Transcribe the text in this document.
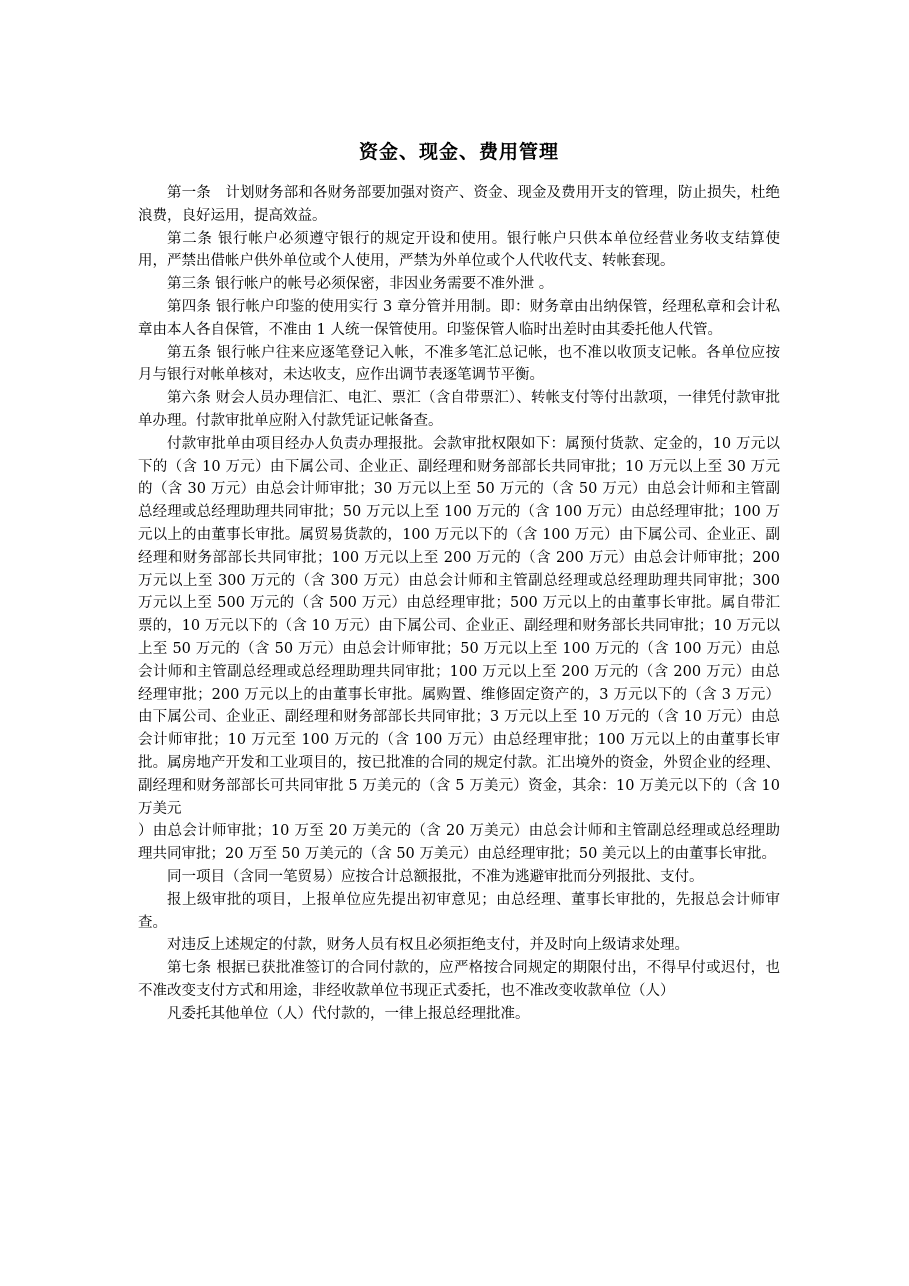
资金、现金、费用管理

第一条　计划财务部和各财务部要加强对资产、资金、现金及费用开支的管理，防止损失，杜绝浪费，良好运用，提高效益。

第二条 银行帐户必须遵守银行的规定开设和使用。银行帐户只供本单位经营业务收支结算使用，严禁出借帐户供外单位或个人使用，严禁为外单位或个人代收代支、转帐套现。

第三条 银行帐户的帐号必须保密，非因业务需要不准外泄 。

第四条 银行帐户印鉴的使用实行 3 章分管并用制。即：财务章由出纳保管，经理私章和会计私章由本人各自保管，不准由 1 人统一保管使用。印鉴保管人临时出差时由其委托他人代管。

第五条 银行帐户往来应逐笔登记入帐，不准多笔汇总记帐，也不准以收顶支记帐。各单位应按月与银行对帐单核对，未达收支，应作出调节表逐笔调节平衡。

第六条 财会人员办理信汇、电汇、票汇（含自带票汇）、转帐支付等付出款项，一律凭付款审批单办理。付款审批单应附入付款凭证记帐备查。

付款审批单由项目经办人负责办理报批。会款审批权限如下：属预付货款、定金的，10 万元以下的（含 10 万元）由下属公司、企业正、副经理和财务部部长共同审批；10 万元以上至 30 万元的（含 30 万元）由总会计师审批；30 万元以上至 50 万元的（含 50 万元）由总会计师和主管副总经理或总经理助理共同审批；50 万元以上至 100 万元的（含 100 万元）由总经理审批；100 万元以上的由董事长审批。属贸易货款的，100 万元以下的（含 100 万元）由下属公司、企业正、副经理和财务部部长共同审批；100 万元以上至 200 万元的（含 200 万元）由总会计师审批；200 万元以上至 300 万元的（含 300 万元）由总会计师和主管副总经理或总经理助理共同审批；300 万元以上至 500 万元的（含 500 万元）由总经理审批；500 万元以上的由董事长审批。属自带汇票的，10 万元以下的（含 10 万元）由下属公司、企业正、副经理和财务部长共同审批；10 万元以上至 50 万元的（含 50 万元）由总会计师审批；50 万元以上至 100 万元的（含 100 万元）由总会计师和主管副总经理或总经理助理共同审批；100 万元以上至 200 万元的（含 200 万元）由总经理审批；200 万元以上的由董事长审批。属购置、维修固定资产的，3 万元以下的（含 3 万元）由下属公司、企业正、副经理和财务部部长共同审批；3 万元以上至 10 万元的（含 10 万元）由总会计师审批；10 万元至 100 万元的（含 100 万元）由总经理审批；100 万元以上的由董事长审批。属房地产开发和工业项目的，按已批准的合同的规定付款。汇出境外的资金，外贸企业的经理、副经理和财务部部长可共同审批 5 万美元的（含 5 万美元）资金，其余：10 万美元以下的（含 10 万美元

）由总会计师审批；10 万至 20 万美元的（含 20 万美元）由总会计师和主管副总经理或总经理助理共同审批；20 万至 50 万美元的（含 50 万美元）由总经理审批；50 美元以上的由董事长审批。

同一项目（含同一笔贸易）应按合计总额报批，不准为逃避审批而分列报批、支付。

报上级审批的项目，上报单位应先提出初审意见；由总经理、董事长审批的，先报总会计师审查。

对违反上述规定的付款，财务人员有权且必须拒绝支付，并及时向上级请求处理。

第七条 根据已获批准签订的合同付款的，应严格按合同规定的期限付出，不得早付或迟付，也不准改变支付方式和用途，非经收款单位书现正式委托，也不准改变收款单位（人）

凡委托其他单位（人）代付款的，一律上报总经理批准。
